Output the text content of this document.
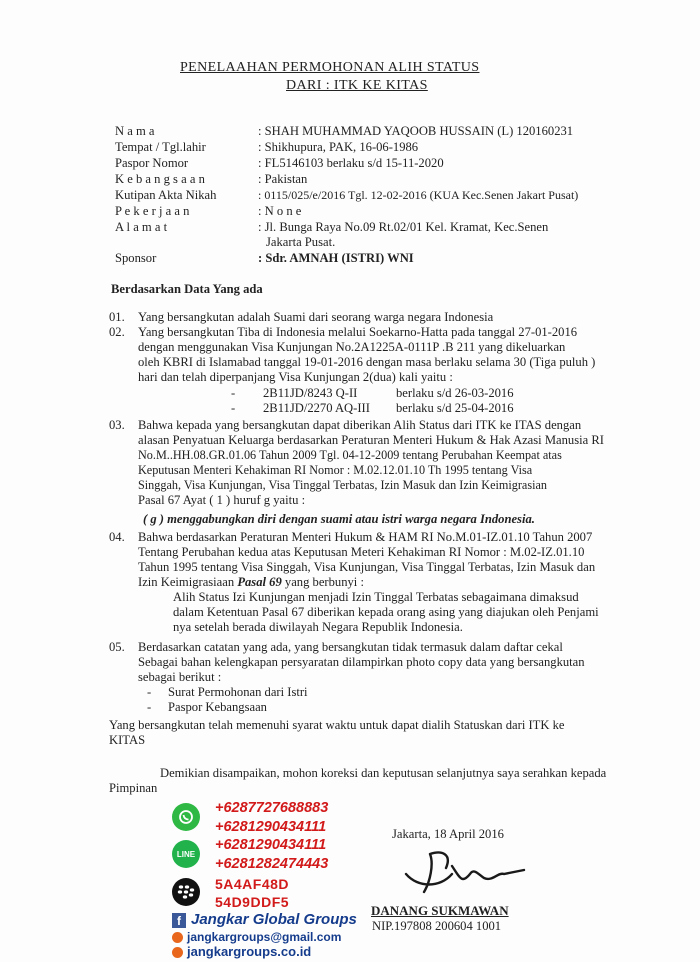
PENELAAHAN PERMOHONAN ALIH STATUS
DARI : ITK KE KITAS
N a m a	: SHAH MUHAMMAD YAQOOB HUSSAIN (L) 120160231
Tempat / Tgl.lahir	: Shikhupura, PAK, 16-06-1986
Paspor Nomor	: FL5146103 berlaku s/d 15-11-2020
K e b a n g s a a n	: Pakistan
Kutipan Akta Nikah	: 0115/025/e/2016 Tgl. 12-02-2016 (KUA Kec.Senen Jakart Pusat)
P e k e r j a a n	: N o n e
A l a m a t	: Jl. Bunga Raya No.09 Rt.02/01 Kel. Kramat, Kec.Senen
Jakarta Pusat.
Sponsor	: Sdr. AMNAH (ISTRI) WNI
Berdasarkan Data Yang ada
01. Yang bersangkutan adalah Suami dari seorang warga negara Indonesia
02. Yang bersangkutan Tiba di Indonesia melalui Soekarno-Hatta pada tanggal 27-01-2016
dengan menggunakan Visa Kunjungan No.2A1225A-0111P .B 211 yang dikeluarkan
oleh KBRI di Islamabad tanggal 19-01-2016 dengan masa berlaku selama 30 (Tiga puluh )
hari dan telah diperpanjang Visa Kunjungan 2(dua) kali yaitu :
- 2B11JD/8243 Q-II	berlaku s/d 26-03-2016
- 2B11JD/2270 AQ-III berlaku s/d 25-04-2016
03. Bahwa kepada yang bersangkutan dapat diberikan Alih Status dari ITK ke ITAS dengan
alasan Penyatuan Keluarga berdasarkan Peraturan Menteri Hukum & Hak Azasi Manusia RI
No.M..HH.08.GR.01.06 Tahun 2009 Tgl. 04-12-2009 tentang Perubahan Keempat atas
Keputusan Menteri Kehakiman RI Nomor : M.02.12.01.10 Th 1995 tentang Visa
Singgah, Visa Kunjungan, Visa Tinggal Terbatas, Izin Masuk dan Izin Keimigrasian
Pasal 67 Ayat ( 1 ) huruf g yaitu :
( g ) menggabungkan diri dengan suami atau istri warga negara Indonesia.
04. Bahwa berdasarkan Peraturan Menteri Hukum & HAM RI No.M.01-IZ.01.10 Tahun 2007
Tentang Perubahan kedua atas Keputusan Meteri Kehakiman RI Nomor : M.02-IZ.01.10
Tahun 1995 tentang Visa Singgah, Visa Kunjungan, Visa Tinggal Terbatas, Izin Masuk dan
Izin Keimigrasiaan Pasal 69 yang berbunyi :
Alih Status Izi Kunjungan menjadi Izin Tinggal Terbatas sebagaimana dimaksud
dalam Ketentuan Pasal 67 diberikan kepada orang asing yang diajukan oleh Penjami
nya setelah berada diwilayah Negara Republik Indonesia.
05. Berdasarkan catatan yang ada, yang bersangkutan tidak termasuk dalam daftar cekal
Sebagai bahan kelengkapan persyaratan dilampirkan photo copy data yang bersangkutan
sebagai berikut :
- Surat Permohonan dari Istri
- Paspor Kebangsaan
Yang bersangkutan telah memenuhi syarat waktu untuk dapat dialih Statuskan dari ITK ke
KITAS
Demikian disampaikan, mohon koreksi dan keputusan selanjutnya saya serahkan kepada
Pimpinan
Jakarta, 18 April 2016
DANANG SUKMAWAN
NIP.197808 200604 1001
+6287727688883
+6281290434111
LINE
+6281290434111
+6281282474443
5A4AF48D
54D9DDF5
f Jangkar Global Groups
jangkargroups@gmail.com
jangkargroups.co.id
